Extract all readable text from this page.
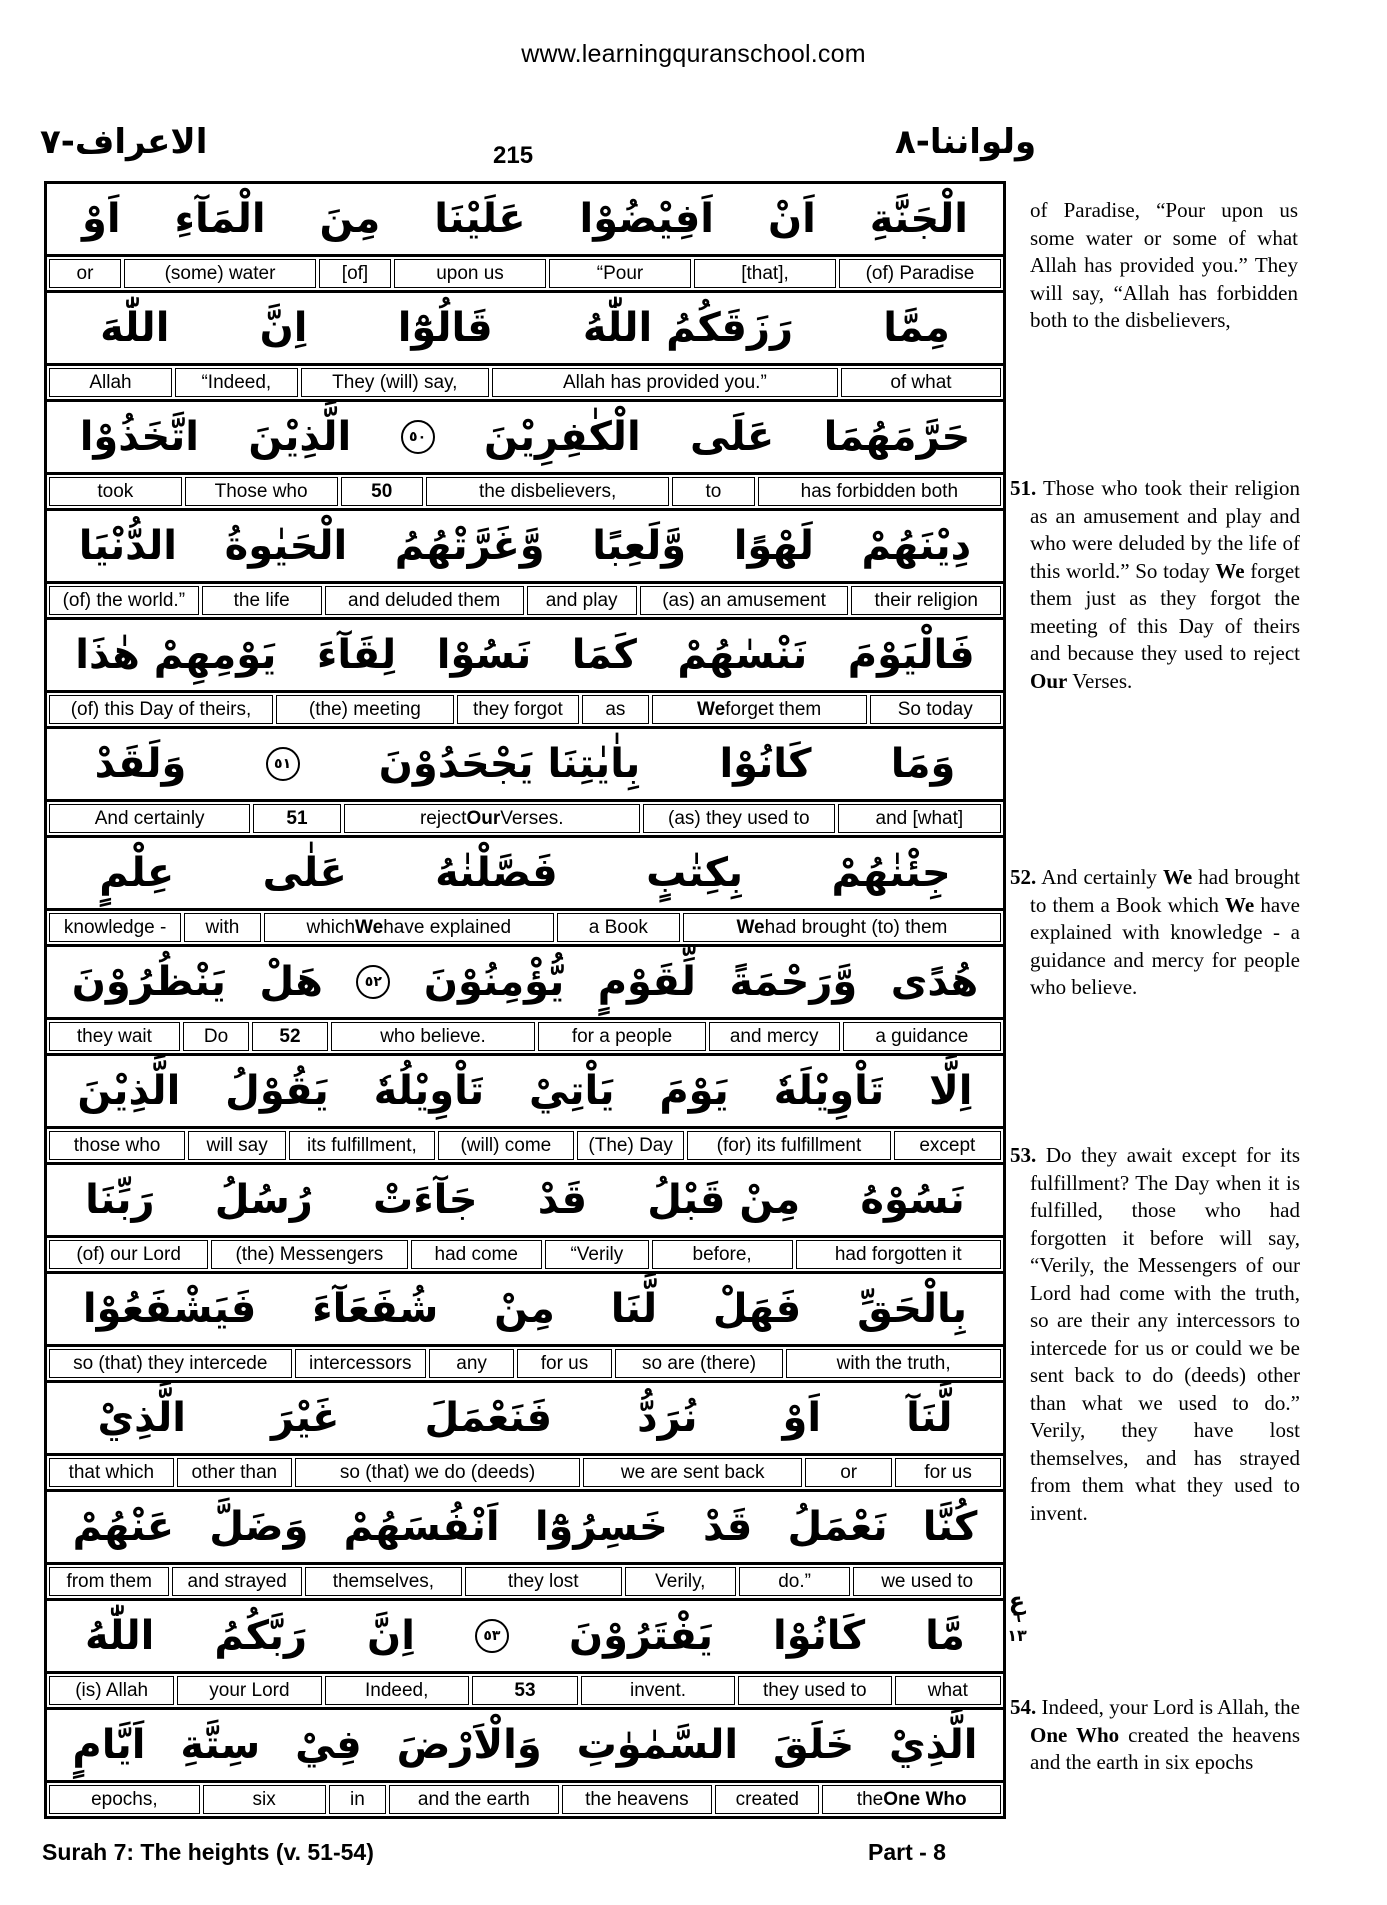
www.learningquranschool.com
الاعراف-٧	215	ولواننا-٨
اَوْ الْمَآءِ مِنَ عَلَيْنَا اَفِيْضُوْا اَنْ الْجَنَّةِ
or	(some) water	[of]	upon us	“Pour	[that],	(of) Paradise
اللّٰهَ اِنَّ قَالُوْٓا رَزَقَكُمُ اللّٰهُ مِمَّا
Allah	“Indeed,	They (will) say,	Allah has provided you.”	of what
اتَّخَذُوْا الَّذِيْنَ	٥٠ الْكٰفِرِيْنَ عَلَى حَرَّمَهُمَا
took	Those who	50	the disbelievers,	to	has forbidden both
الدُّنْيَا الْحَيٰوةُ وَّغَرَّتْهُمُ وَّلَعِبًا لَهْوًا دِيْنَهُمْ
(of) the world.”	the life	and deluded them	and play	(as) an amusement	their religion
يَوْمِهِمْ هٰذَا لِقَآءَ نَسُوْا كَمَا نَنْسٰهُمْ فَالْيَوْمَ
(of) this Day of theirs,	(the) meeting	they forgot	as	We forget them	So today
وَلَقَدْ	٥١ بِاٰيٰتِنَا يَجْحَدُوْنَ كَانُوْا وَمَا
And certainly	51	reject Our Verses.	(as) they used to	and [what]
عِلْمٍ عَلٰى فَصَّلْنٰهُ بِكِتٰبٍ جِئْنٰهُمْ
knowledge -	with	which We have explained	a Book	We had brought (to) them
يَنْظُرُوْنَ هَلْ	٥٢ يُّؤْمِنُوْنَ لِّقَوْمٍ وَّرَحْمَةً هُدًى
they wait	Do	52	who believe.	for a people	and mercy	a guidance
الَّذِيْنَ يَقُوْلُ تَاْوِيْلُهٗ يَاْتِيْ يَوْمَ تَاْوِيْلَهٗ اِلَّا
those who	will say	its fulfillment,	(will) come	(The) Day	(for) its fulfillment	except
رَبِّنَا رُسُلُ جَآءَتْ قَدْ مِنْ قَبْلُ نَسُوْهُ
(of) our Lord	(the) Messengers	had come	“Verily	before,	had forgotten it
فَيَشْفَعُوْا شُفَعَآءَ مِنْ لَّنَا فَهَلْ بِالْحَقِّ
so (that) they intercede	intercessors	any	for us	so are (there)	with the truth,
الَّذِيْ غَيْرَ فَنَعْمَلَ نُرَدُّ اَوْ لَّنَآ
that which	other than	so (that) we do (deeds)	we are sent back	or	for us
عَنْهُمْ وَضَلَّ اَنْفُسَهُمْ خَسِرُوْٓا قَدْ نَعْمَلُ كُنَّا
from them	and strayed	themselves,	they lost	Verily,	do.”	we used to
اللّٰهُ رَبَّكُمُ اِنَّ	٥٣ يَفْتَرُوْنَ كَانُوْا مَّا
(is) Allah	your Lord	Indeed,	53	invent.	they used to	what
اَيَّامٍ سِتَّةِ فِيْ وَالْاَرْضَ السَّمٰوٰتِ خَلَقَ الَّذِيْ
epochs,	six	in	and the earth	the heavens	created	the One Who
ع
٦
١٣
of Paradise, “Pour upon us some water or some of what Allah has provided you.” They will say, “Allah has forbidden both to the disbelievers,
51. Those who took their religion as an amusement and play and who were deluded by the life of this world.” So today We forget them just as they forgot the meeting of this Day of theirs and because they used to reject Our Verses.
52. And certainly We had brought to them a Book which We have explained with knowledge - a guidance and mercy for people who believe.
53. Do they await except for its fulfillment? The Day when it is fulfilled, those who had forgotten it before will say, “Verily, the Messengers of our Lord had come with the truth, so are their any intercessors to intercede for us or could we be sent back to do (deeds) other than what we used to do.” Verily, they have lost themselves, and has strayed from them what they used to invent.
54. Indeed, your Lord is Allah, the One Who created the heavens and the earth in six epochs
Surah 7: The heights (v. 51-54)	Part - 8
